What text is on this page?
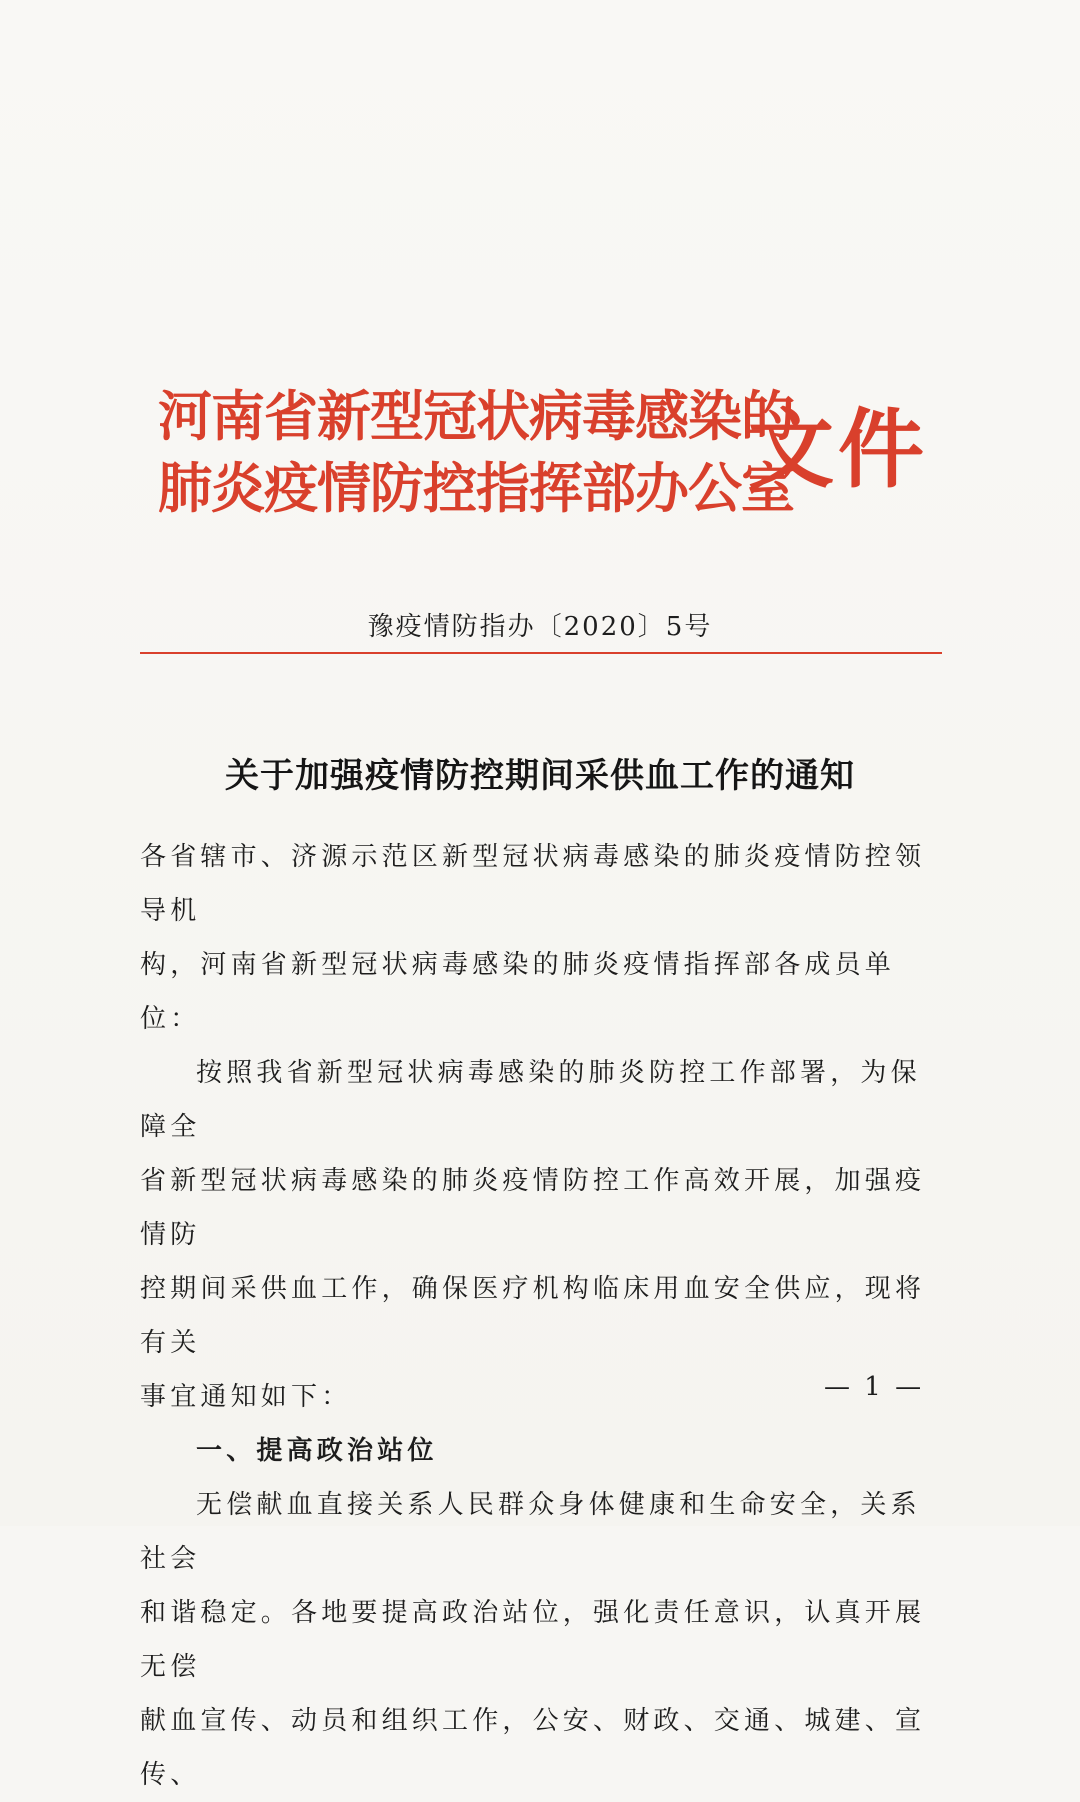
河南省新型冠状病毒感染的
肺炎疫情防控指挥部办公室
文件
豫疫情防指办〔2020〕5号
关于加强疫情防控期间采供血工作的通知

各省辖市、济源示范区新型冠状病毒感染的肺炎疫情防控领导机

构，河南省新型冠状病毒感染的肺炎疫情指挥部各成员单位：

按照我省新型冠状病毒感染的肺炎防控工作部署，为保障全

省新型冠状病毒感染的肺炎疫情防控工作高效开展，加强疫情防

控期间采供血工作，确保医疗机构临床用血安全供应，现将有关

事宜通知如下：

一、提高政治站位

无偿献血直接关系人民群众身体健康和生命安全，关系社会

和谐稳定。各地要提高政治站位，强化责任意识，认真开展无偿

献血宣传、动员和组织工作，公安、财政、交通、城建、宣传、

— 1 —
